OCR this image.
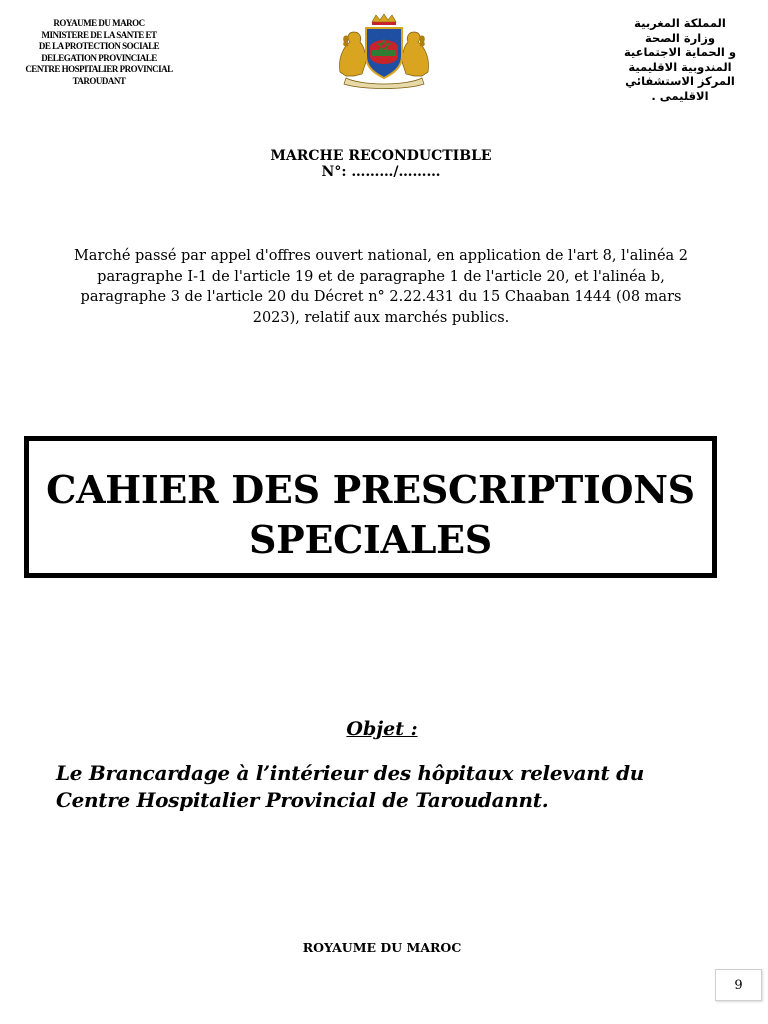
ROYAUME DU MAROC
MINISTERE DE LA SANTE ET
DE LA PROTECTION SOCIALE
DELEGATION PROVINCIALE
CENTRE HOSPITALIER PROVINCIAL
TAROUDANT
المملكة المغربية
وزارة الصحة
و الحماية الاجتماعية
المندوبية الاقليمية
المركز الاستشفائي
الاقليمي .
MARCHE RECONDUCTIBLE
N°: ………/………
Marché passé par appel d'offres ouvert national, en application de l'art 8, l'alinéa 2 paragraphe I-1 de l'article 19 et de paragraphe 1 de l'article 20, et l'alinéa b, paragraphe 3 de l'article 20 du Décret n° 2.22.431 du 15 Chaaban 1444 (08 mars 2023), relatif aux marchés publics.
CAHIER DES PRESCRIPTIONS
SPECIALES
Objet :
Le Brancardage à l’intérieur des hôpitaux relevant du
Centre Hospitalier Provincial de Taroudannt.
ROYAUME DU MAROC
9
